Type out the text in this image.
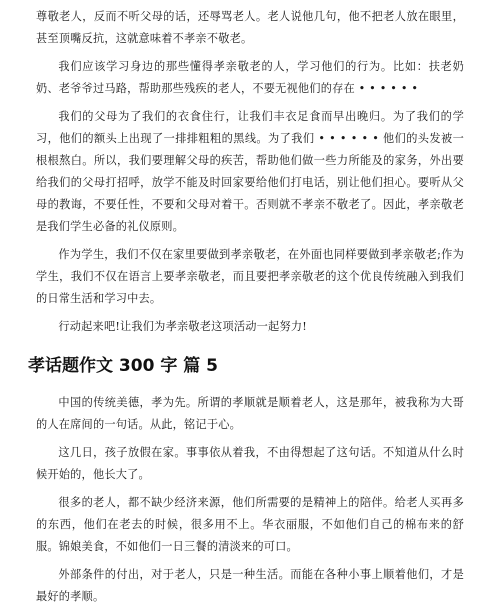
尊敬老人，反而不听父母的话，还辱骂老人。老人说他几句，他不把老人放在眼里，甚至顶嘴反抗，这就意味着不孝亲不敬老。

我们应该学习身边的那些懂得孝亲敬老的人，学习他们的行为。比如：扶老奶奶、老爷爷过马路，帮助那些残疾的老人，不要无视他们的存在 • • • • • •

我们的父母为了我们的衣食住行，让我们丰衣足食而早出晚归。为了我们的学习，他们的额头上出现了一排排粗粗的黑线。为了我们 • • • • • • 他们的头发被一根根熬白。所以，我们要理解父母的疾苦，帮助他们做一些力所能及的家务，外出要给我们的父母打招呼，放学不能及时回家要给他们打电话，别让他们担心。要听从父母的教诲，不要任性，不要和父母对着干。否则就不孝亲不敬老了。因此，孝亲敬老是我们学生必备的礼仪原则。

作为学生，我们不仅在家里要做到孝亲敬老，在外面也同样要做到孝亲敬老;作为学生，我们不仅在语言上要孝亲敬老，而且要把孝亲敬老的这个优良传统融入到我们的日常生活和学习中去。

行动起来吧!让我们为孝亲敬老这项活动一起努力!

孝话题作文 300 字 篇 5

中国的传统美德，孝为先。所谓的孝顺就是顺着老人，这是那年，被我称为大哥的人在席间的一句话。从此，铭记于心。

这几日，孩子放假在家。事事依从着我，不由得想起了这句话。不知道从什么时候开始的，他长大了。

很多的老人，都不缺少经济来源，他们所需要的是精神上的陪伴。给老人买再多的东西，他们在老去的时候，很多用不上。华衣丽服，不如他们自己的棉布来的舒服。锦娘美食，不如他们一日三餐的清淡来的可口。

外部条件的付出，对于老人，只是一种生活。而能在各种小事上顺着他们，才是最好的孝顺。
